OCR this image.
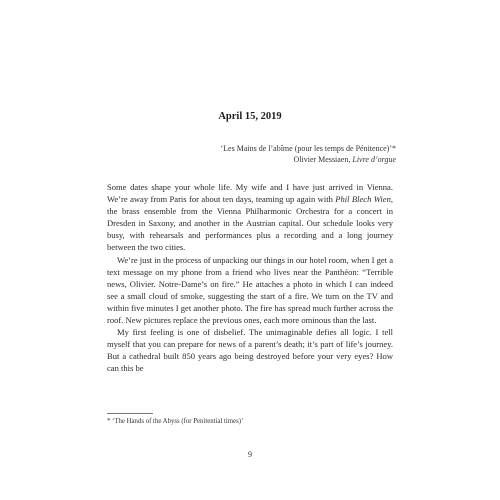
April 15, 2019
‘Les Mains de l’abîme (pour les temps de Pénitence)’*
Olivier Messiaen, Livre d’orgue

Some dates shape your whole life. My wife and I have just arrived in Vienna. We’re away from Paris for about ten days, teaming up again with Phil Blech Wien, the brass ensemble from the Vienna Philharmonic Orchestra for a concert in Dresden in Saxony, and another in the Austrian capital. Our schedule looks very busy, with rehearsals and performances plus a recording and a long journey between the two cities.

We’re just in the process of unpacking our things in our hotel room, when I get a text message on my phone from a friend who lives near the Panthéon: “Terrible news, Olivier. Notre-Dame’s on fire.” He attaches a photo in which I can indeed see a small cloud of smoke, suggesting the start of a fire. We turn on the TV and within five minutes I get another photo. The fire has spread much further across the roof. New pictures replace the previous ones, each more ominous than the last.

My first feeling is one of disbelief. The unimaginable defies all logic. I tell myself that you can prepare for news of a parent’s death; it’s part of life’s journey. But a cathedral built 850 years ago being destroyed before your very eyes? How can this be

* ‘The Hands of the Abyss (for Penitential times)’
9
